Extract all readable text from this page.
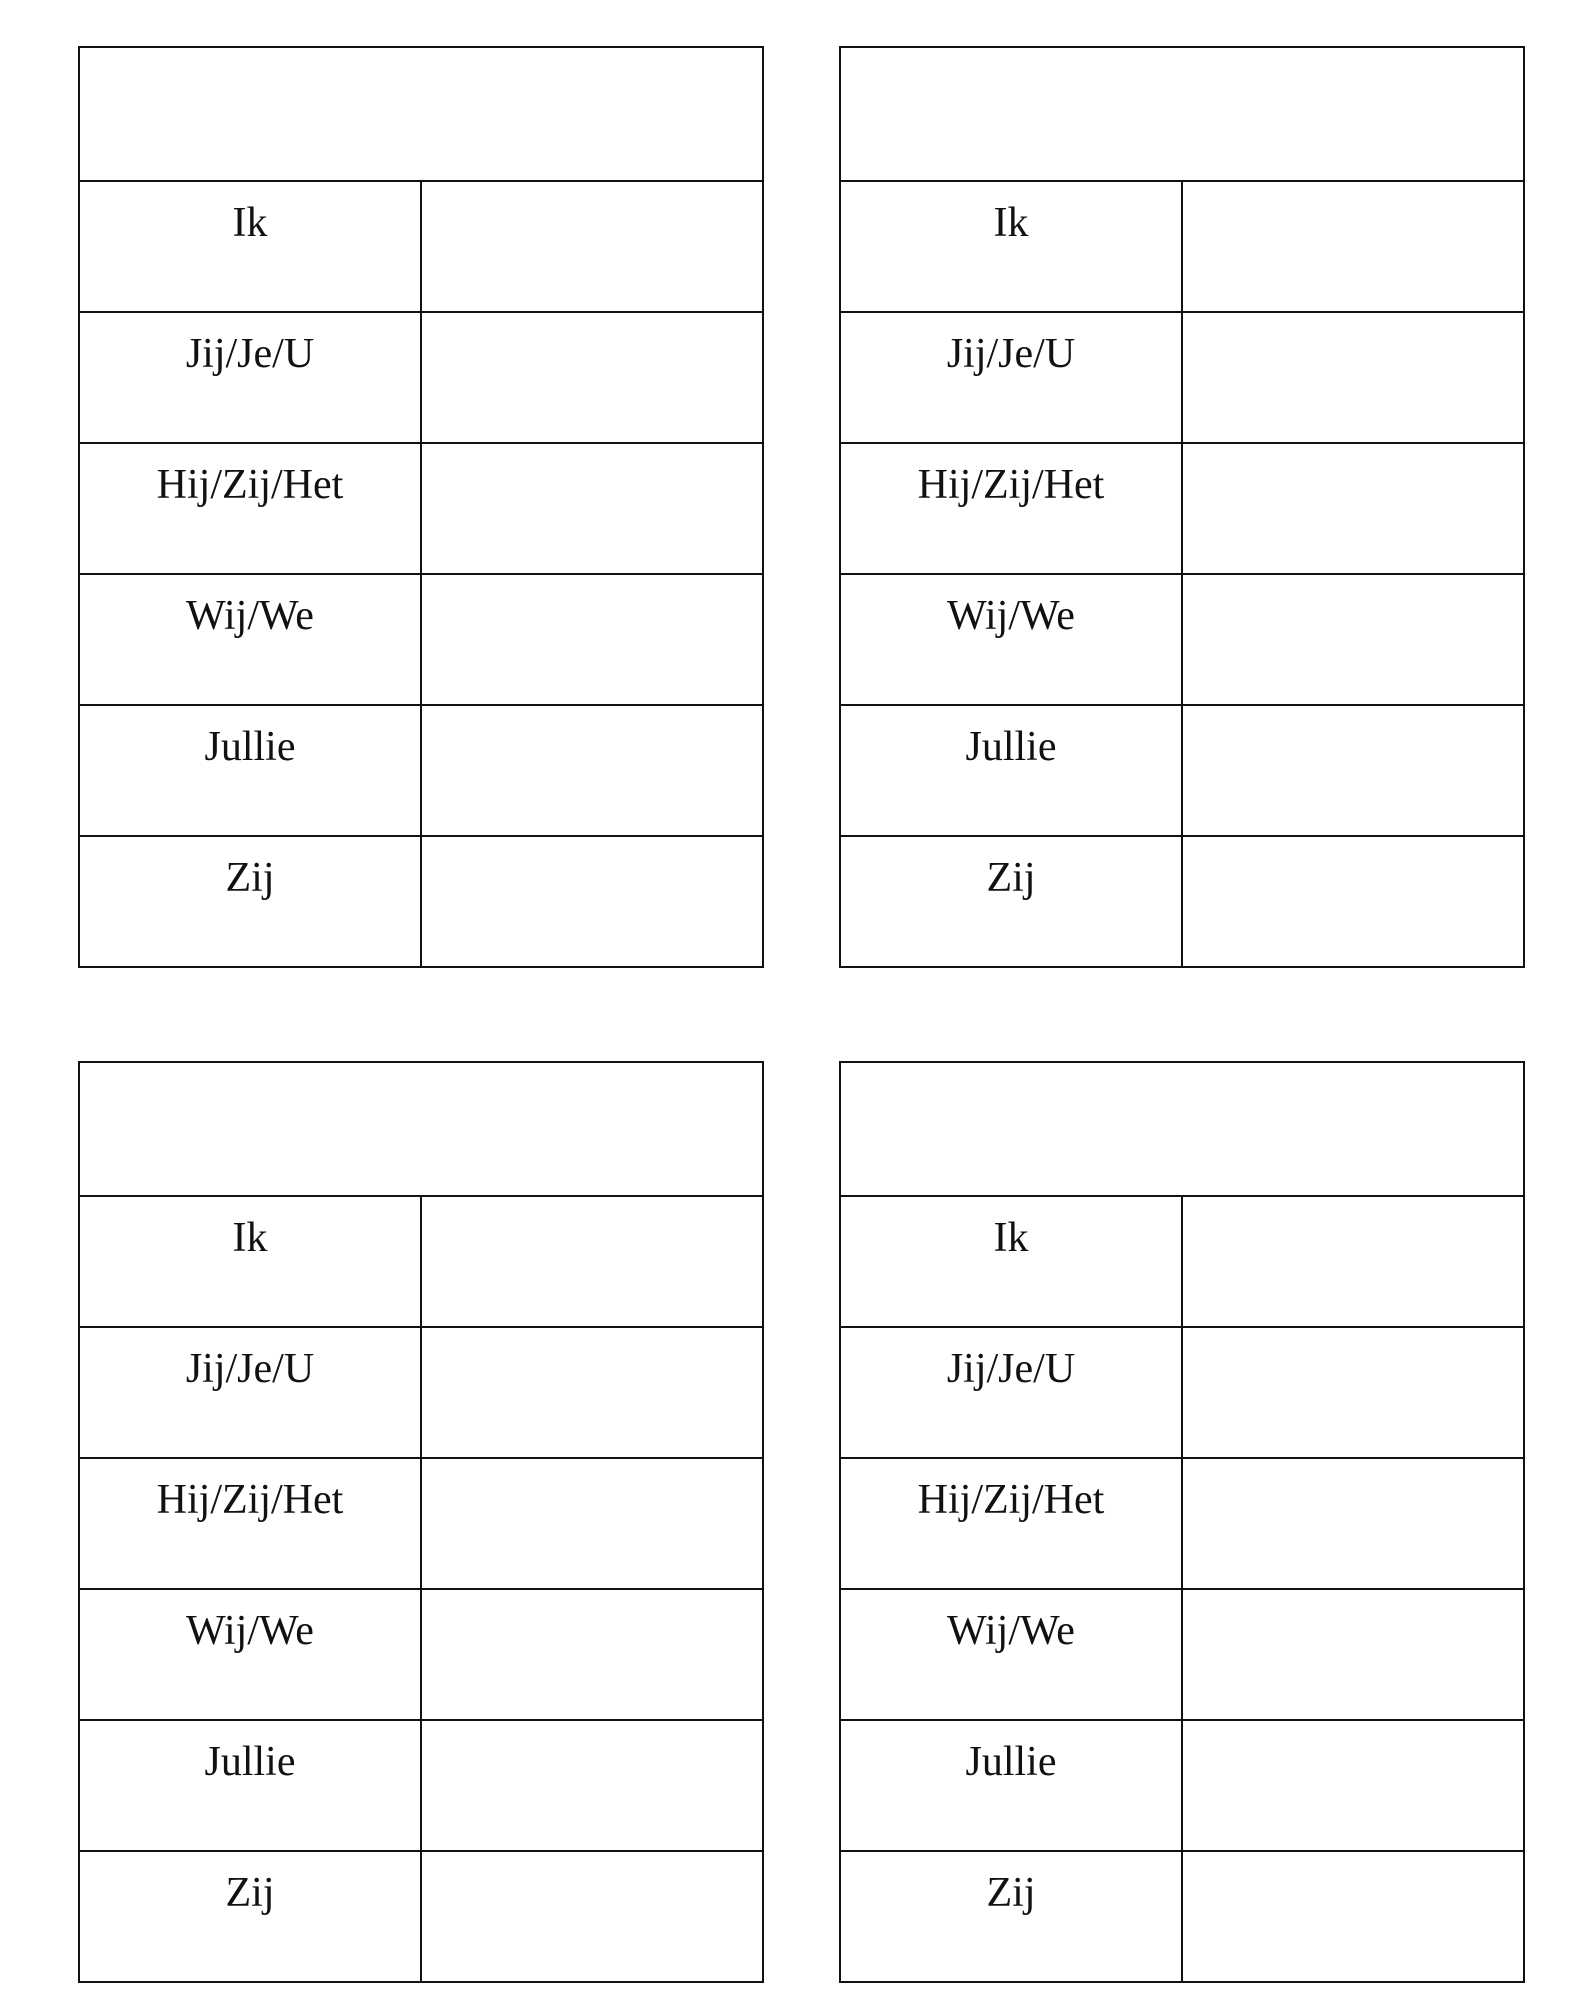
Ik	
Jij/Je/U	
Hij/Zij/Het	
Wij/We	
Jullie	
Zij	

Ik	
Jij/Je/U	
Hij/Zij/Het	
Wij/We	
Jullie	
Zij	

Ik	
Jij/Je/U	
Hij/Zij/Het	
Wij/We	
Jullie	
Zij	

Ik	
Jij/Je/U	
Hij/Zij/Het	
Wij/We	
Jullie	
Zij	
